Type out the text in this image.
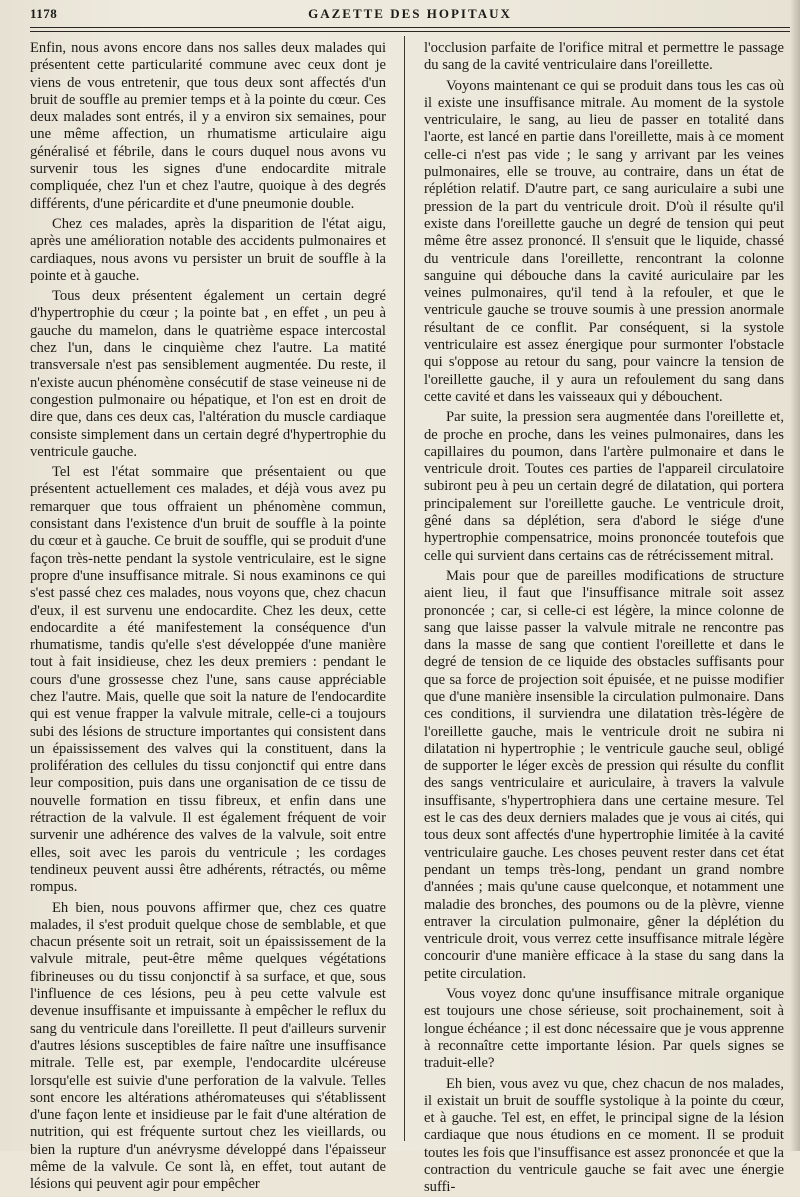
1178	GAZETTE DES HOPITAUX

Enfin, nous avons encore dans nos salles deux malades qui présentent cette particularité commune avec ceux dont je viens de vous entretenir, que tous deux sont affectés d'un bruit de souffle au premier temps et à la pointe du cœur. Ces deux malades sont entrés, il y a environ six semaines, pour une même affection, un rhumatisme articulaire aigu généralisé et fébrile, dans le cours duquel nous avons vu survenir tous les signes d'une endocardite mitrale compliquée, chez l'un et chez l'autre, quoique à des degrés différents, d'une péricardite et d'une pneumonie double.

Chez ces malades, après la disparition de l'état aigu, après une amélioration notable des accidents pulmonaires et cardiaques, nous avons vu persister un bruit de souffle à la pointe et à gauche.

Tous deux présentent également un certain degré d'hypertrophie du cœur ; la pointe bat , en effet , un peu à gauche du mamelon, dans le quatrième espace intercostal chez l'un, dans le cinquième chez l'autre. La matité transversale n'est pas sensiblement augmentée. Du reste, il n'existe aucun phénomène consécutif de stase veineuse ni de congestion pulmonaire ou hépatique, et l'on est en droit de dire que, dans ces deux cas, l'altération du muscle cardiaque consiste simplement dans un certain degré d'hypertrophie du ventricule gauche.

Tel est l'état sommaire que présentaient ou que présentent actuellement ces malades, et déjà vous avez pu remarquer que tous offraient un phénomène commun, consistant dans l'existence d'un bruit de souffle à la pointe du cœur et à gauche. Ce bruit de souffle, qui se produit d'une façon très-nette pendant la systole ventriculaire, est le signe propre d'une insuffisance mitrale. Si nous examinons ce qui s'est passé chez ces malades, nous voyons que, chez chacun d'eux, il est survenu une endocardite. Chez les deux, cette endocardite a été manifestement la conséquence d'un rhumatisme, tandis qu'elle s'est développée d'une manière tout à fait insidieuse, chez les deux premiers : pendant le cours d'une grossesse chez l'une, sans cause appréciable chez l'autre. Mais, quelle que soit la nature de l'endocardite qui est venue frapper la valvule mitrale, celle-ci a toujours subi des lésions de structure importantes qui consistent dans un épaississement des valves qui la constituent, dans la prolifération des cellules du tissu conjonctif qui entre dans leur composition, puis dans une organisation de ce tissu de nouvelle formation en tissu fibreux, et enfin dans une rétraction de la valvule. Il est également fréquent de voir survenir une adhérence des valves de la valvule, soit entre elles, soit avec les parois du ventricule ; les cordages tendineux peuvent aussi être adhérents, rétractés, ou même rompus.

Eh bien, nous pouvons affirmer que, chez ces quatre malades, il s'est produit quelque chose de semblable, et que chacun présente soit un retrait, soit un épaississement de la valvule mitrale, peut-être même quelques végétations fibrineuses ou du tissu conjonctif à sa surface, et que, sous l'influence de ces lésions, peu à peu cette valvule est devenue insuffisante et impuissante à empêcher le reflux du sang du ventricule dans l'oreillette. Il peut d'ailleurs survenir d'autres lésions susceptibles de faire naître une insuffisance mitrale. Telle est, par exemple, l'endocardite ulcéreuse lorsqu'elle est suivie d'une perforation de la valvule. Telles sont encore les altérations athéromateuses qui s'établissent d'une façon lente et insidieuse par le fait d'une altération de nutrition, qui est fréquente surtout chez les vieillards, ou bien la rupture d'un anévrysme développé dans l'épaisseur même de la valvule. Ce sont là, en effet, tout autant de lésions qui peuvent agir pour empêcher

l'occlusion parfaite de l'orifice mitral et permettre le passage du sang de la cavité ventriculaire dans l'oreillette.

Voyons maintenant ce qui se produit dans tous les cas où il existe une insuffisance mitrale. Au moment de la systole ventriculaire, le sang, au lieu de passer en totalité dans l'aorte, est lancé en partie dans l'oreillette, mais à ce moment celle-ci n'est pas vide ; le sang y arrivant par les veines pulmonaires, elle se trouve, au contraire, dans un état de réplétion relatif. D'autre part, ce sang auriculaire a subi une pression de la part du ventricule droit. D'où il résulte qu'il existe dans l'oreillette gauche un degré de tension qui peut même être assez prononcé. Il s'ensuit que le liquide, chassé du ventricule dans l'oreillette, rencontrant la colonne sanguine qui débouche dans la cavité auriculaire par les veines pulmonaires, qu'il tend à la refouler, et que le ventricule gauche se trouve soumis à une pression anormale résultant de ce conflit. Par conséquent, si la systole ventriculaire est assez énergique pour surmonter l'obstacle qui s'oppose au retour du sang, pour vaincre la tension de l'oreillette gauche, il y aura un refoulement du sang dans cette cavité et dans les vaisseaux qui y débouchent.

Par suite, la pression sera augmentée dans l'oreillette et, de proche en proche, dans les veines pulmonaires, dans les capillaires du poumon, dans l'artère pulmonaire et dans le ventricule droit. Toutes ces parties de l'appareil circulatoire subiront peu à peu un certain degré de dilatation, qui portera principalement sur l'oreillette gauche. Le ventricule droit, gêné dans sa déplétion, sera d'abord le siége d'une hypertrophie compensatrice, moins prononcée toutefois que celle qui survient dans certains cas de rétrécissement mitral.

Mais pour que de pareilles modifications de structure aient lieu, il faut que l'insuffisance mitrale soit assez prononcée ; car, si celle-ci est légère, la mince colonne de sang que laisse passer la valvule mitrale ne rencontre pas dans la masse de sang que contient l'oreillette et dans le degré de tension de ce liquide des obstacles suffisants pour que sa force de projection soit épuisée, et ne puisse modifier que d'une manière insensible la circulation pulmonaire. Dans ces conditions, il surviendra une dilatation très-légère de l'oreillette gauche, mais le ventricule droit ne subira ni dilatation ni hypertrophie ; le ventricule gauche seul, obligé de supporter le léger excès de pression qui résulte du conflit des sangs ventriculaire et auriculaire, à travers la valvule insuffisante, s'hypertrophiera dans une certaine mesure. Tel est le cas des deux derniers malades que je vous ai cités, qui tous deux sont affectés d'une hypertrophie limitée à la cavité ventriculaire gauche. Les choses peuvent rester dans cet état pendant un temps très-long, pendant un grand nombre d'années ; mais qu'une cause quelconque, et notamment une maladie des bronches, des poumons ou de la plèvre, vienne entraver la circulation pulmonaire, gêner la déplétion du ventricule droit, vous verrez cette insuffisance mitrale légère concourir d'une manière efficace à la stase du sang dans la petite circulation.

Vous voyez donc qu'une insuffisance mitrale organique est toujours une chose sérieuse, soit prochainement, soit à longue échéance ; il est donc nécessaire que je vous apprenne à reconnaître cette importante lésion. Par quels signes se traduit-elle?

Eh bien, vous avez vu que, chez chacun de nos malades, il existait un bruit de souffle systolique à la pointe du cœur, et à gauche. Tel est, en effet, le principal signe de la lésion cardiaque que nous étudions en ce moment. Il se produit toutes les fois que l'insuffisance est assez prononcée et que la contraction du ventricule gauche se fait avec une énergie suffi-
